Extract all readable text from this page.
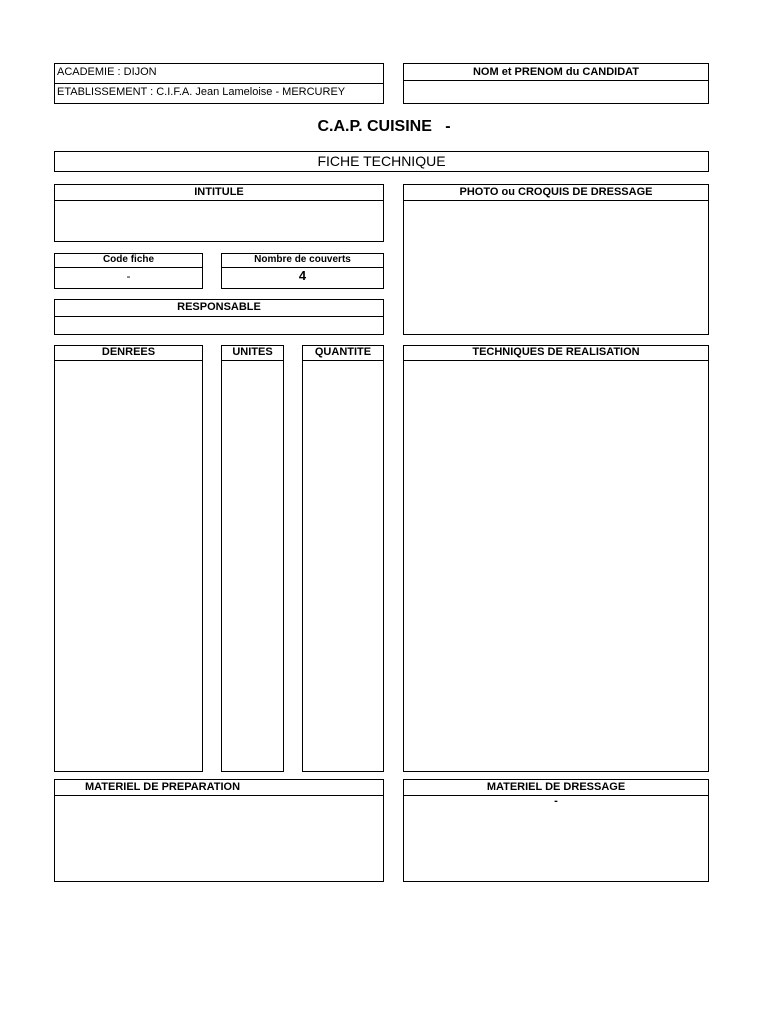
ACADEMIE : DIJON
ETABLISSEMENT : C.I.F.A. Jean Lameloise - MERCUREY
NOM et PRENOM du CANDIDAT
C.A.P. CUISINE   -
FICHE TECHNIQUE
INTITULE	PHOTO ou CROQUIS DE DRESSAGE
Code fiche
-
Nombre de couverts
4
RESPONSABLE
DENREES	UNITES	QUANTITE	TECHNIQUES DE REALISATION
MATERIEL DE PREPARATION	MATERIEL DE DRESSAGE
-
